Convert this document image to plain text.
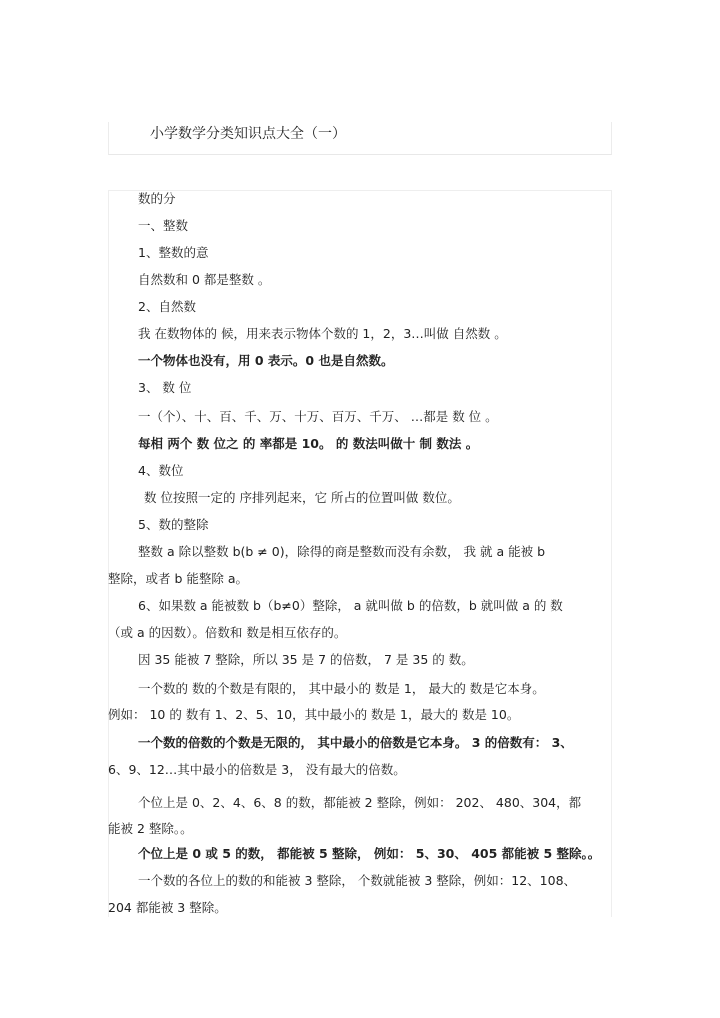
小学数学分类知识点大全（一）
数的分
一、整数
1、整数的意
自然数和 0 都是整数 。
2、自然数
我 在数物体的 候，用来表示物体个数的 1，2，3…叫做 自然数 。
一个物体也没有，用 0 表示。0 也是自然数。
3、 数 位
一（个）、十、百、千、万、十万、百万、千万、 …都是 数 位 。
每相 两个 数 位之 的 率都是 10。 的 数法叫做十 制 数法 。
4、数位
数 位按照一定的 序排列起来，它 所占的位置叫做 数位。
5、数的整除
整数 a 除以整数 b(b ≠ 0)，除得的商是整数而没有余数， 我 就 a 能被 b
整除，或者 b 能整除 a。
6、如果数 a 能被数 b（b≠0）整除， a 就叫做 b 的倍数，b 就叫做 a 的 数
（或 a 的因数）。倍数和 数是相互依存的。
因 35 能被 7 整除，所以 35 是 7 的倍数， 7 是 35 的 数。
一个数的 数的个数是有限的， 其中最小的 数是 1， 最大的 数是它本身。
例如： 10 的 数有 1、2、5、10，其中最小的 数是 1，最大的 数是 10。
一个数的倍数的个数是无限的， 其中最小的倍数是它本身。 3 的倍数有： 3、
6、9、12…其中最小的倍数是 3， 没有最大的倍数。
个位上是 0、2、4、6、8 的数，都能被 2 整除，例如： 202、 480、304，都
能被 2 整除。。
个位上是 0 或 5 的数， 都能被 5 整除， 例如： 5、30、 405 都能被 5 整除。。
一个数的各位上的数的和能被 3 整除， 个数就能被 3 整除，例如：12、108、
204 都能被 3 整除。
